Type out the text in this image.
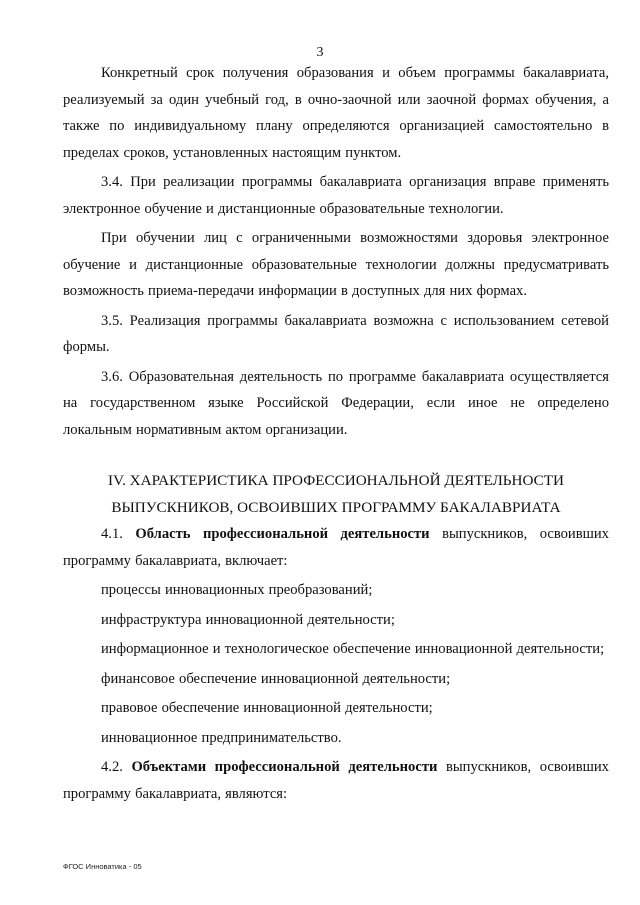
3

Конкретный срок получения образования и объем программы бакалавриата, реализуемый за один учебный год, в очно-заочной или заочной формах обучения, а также по индивидуальному плану определяются организацией самостоятельно в пределах сроков, установленных настоящим пунктом.

3.4. При реализации программы бакалавриата организация вправе применять электронное обучение и дистанционные образовательные технологии.

При обучении лиц с ограниченными возможностями здоровья электронное обучение и дистанционные образовательные технологии должны предусматривать возможность приема-передачи информации в доступных для них формах.

3.5. Реализация программы бакалавриата возможна с использованием сетевой формы.

3.6. Образовательная деятельность по программе бакалавриата осуществляется на государственном языке Российской Федерации, если иное не определено локальным нормативным актом организации.

IV. ХАРАКТЕРИСТИКА ПРОФЕССИОНАЛЬНОЙ ДЕЯТЕЛЬНОСТИ

ВЫПУСКНИКОВ, ОСВОИВШИХ ПРОГРАММУ БАКАЛАВРИАТА

4.1. Область профессиональной деятельности выпускников, освоивших программу бакалавриата, включает:

процессы инновационных преобразований;

инфраструктура инновационной деятельности;

информационное и технологическое обеспечение инновационной деятельности;

финансовое обеспечение инновационной деятельности;

правовое обеспечение инновационной деятельности;

инновационное предпринимательство.

4.2. Объектами профессиональной деятельности выпускников, освоивших программу бакалавриата, являются:

ФГОС Инноватика - 05
